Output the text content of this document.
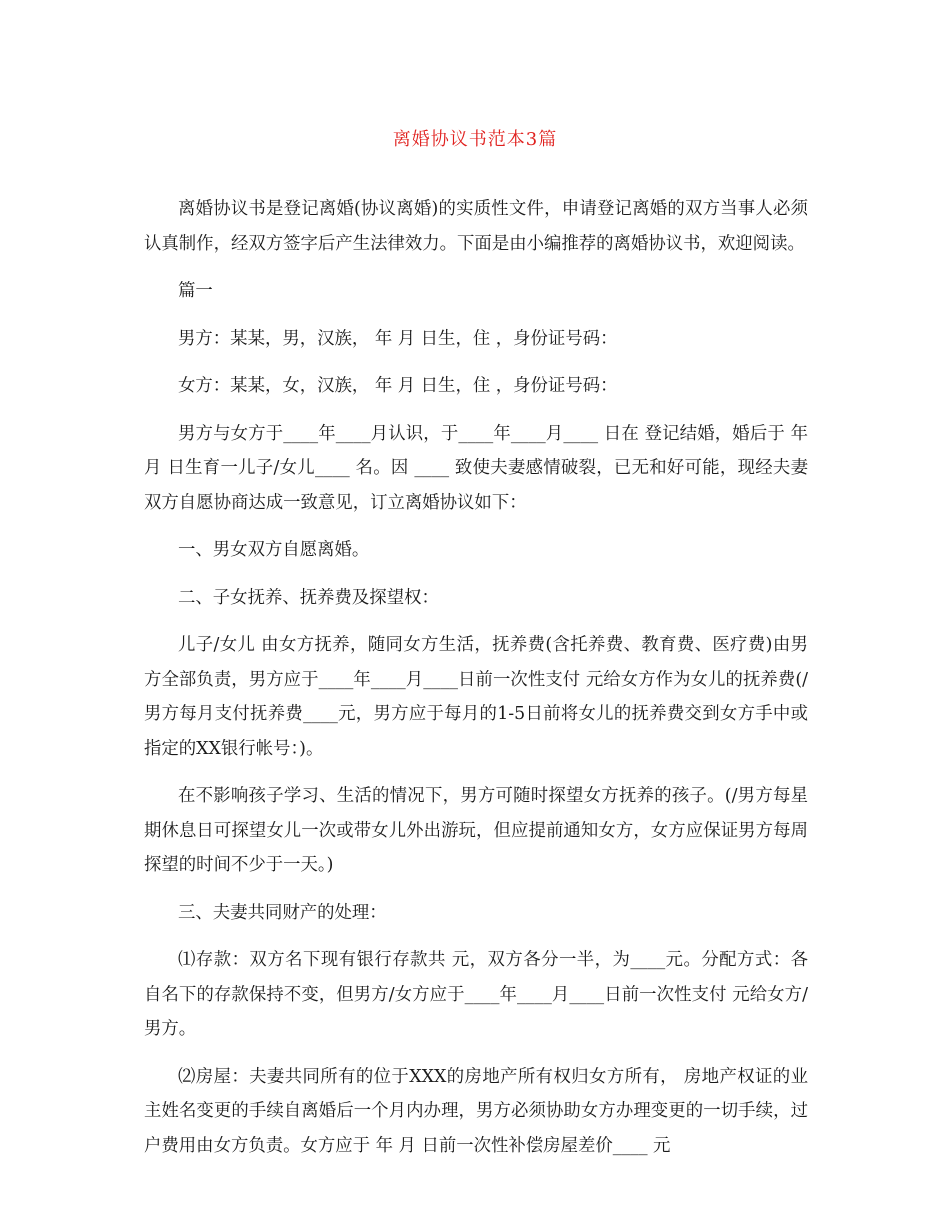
离婚协议书范本3篇

离婚协议书是登记离婚(协议离婚)的实质性文件，申请登记离婚的双方当事人必须认真制作，经双方签字后产生法律效力。下面是由小编推荐的离婚协议书，欢迎阅读。

篇一

男方：某某，男，汉族， 年 月 日生，住 ，身份证号码：

女方：某某，女，汉族， 年 月 日生，住 ，身份证号码：

男方与女方于____年____月认识，于____年____月____ 日在 登记结婚，婚后于 年 月 日生育一儿子/女儿____ 名。因 ____ 致使夫妻感情破裂，已无和好可能，现经夫妻双方自愿协商达成一致意见，订立离婚协议如下：

一、男女双方自愿离婚。

二、子女抚养、抚养费及探望权：

儿子/女儿 由女方抚养，随同女方生活，抚养费(含托养费、教育费、医疗费)由男方全部负责，男方应于____年____月____日前一次性支付 元给女方作为女儿的抚养费(/男方每月支付抚养费____元，男方应于每月的1-5日前将女儿的抚养费交到女方手中或指定的XX银行帐号：)。

在不影响孩子学习、生活的情况下，男方可随时探望女方抚养的孩子。(/男方每星期休息日可探望女儿一次或带女儿外出游玩，但应提前通知女方，女方应保证男方每周探望的时间不少于一天。)

三、夫妻共同财产的处理：

⑴存款：双方名下现有银行存款共 元，双方各分一半，为____元。分配方式：各自名下的存款保持不变，但男方/女方应于____年____月____日前一次性支付 元给女方/男方。

⑵房屋：夫妻共同所有的位于XXX的房地产所有权归女方所有， 房地产权证的业主姓名变更的手续自离婚后一个月内办理，男方必须协助女方办理变更的一切手续，过户费用由女方负责。女方应于 年 月 日前一次性补偿房屋差价____ 元
